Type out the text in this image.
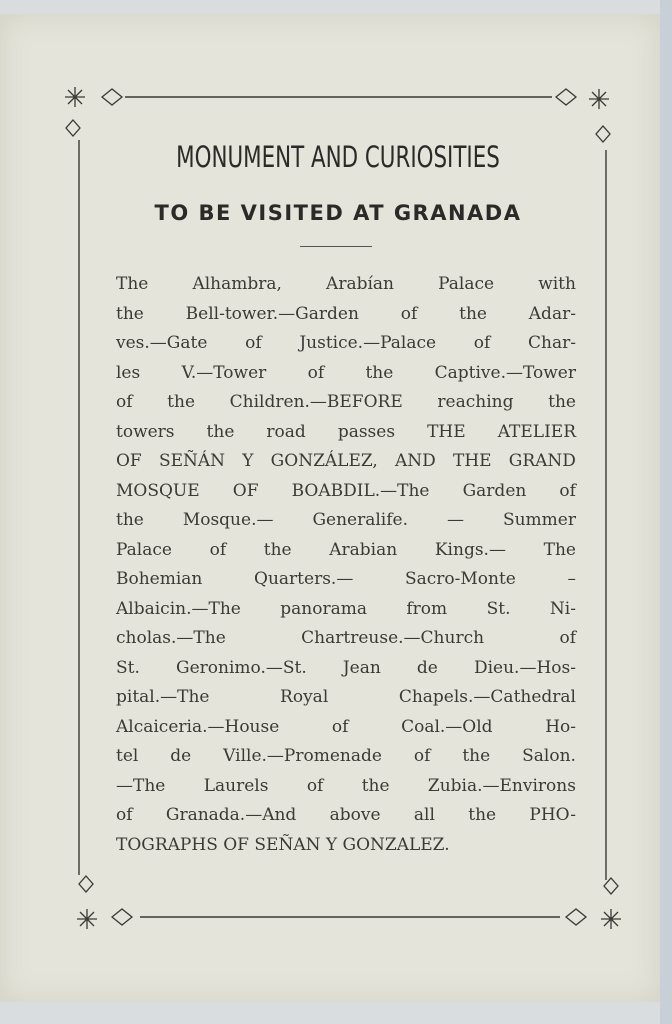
MONUMENT AND CURIOSITIES
TO BE VISITED AT GRANADA
The	Alhambra,	Arabían	Palace	with
the Bell-tower.—Garden of the Adar-
ves.—Gate of Justice.—Palace of Char-
les V.—Tower of the Captive.—Tower
of the Children.—BEFORE reaching the
towers the road passes THE ATELIER
OF SEÑÁN Y GONZÁLEZ, AND THE GRAND
MOSQUE OF BOABDIL.—The Garden of
the Mosque.— Generalife. — Summer
Palace of the Arabian Kings.— The
Bohemian	Quarters.—	Sacro-Monte	–
Albaicin.—The panorama from St. Ni-
cholas.—The	Chartreuse.—Church	of
St. Geronimo.—St. Jean de Dieu.—Hos-
pital.—The	Royal	Chapels.—Cathedral
Alcaiceria.—House	of	Coal.—Old	Ho-
tel de Ville.—Promenade of the Salon.
—The Laurels of the Zubia.—Environs
of Granada.—And above all the PHO-
TOGRAPHS OF SEÑAN Y GONZALEZ.
